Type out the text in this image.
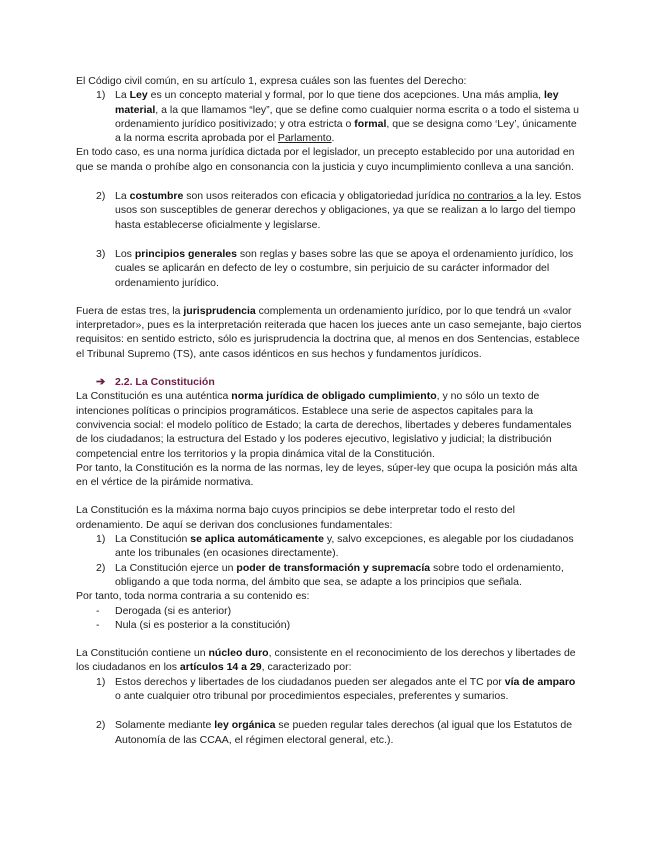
El Código civil común, en su artículo 1, expresa cuáles son las fuentes del Derecho:

1) La Ley es un concepto material y formal, por lo que tiene dos acepciones. Una más amplia, ley material, a la que llamamos “ley”, que se define como cualquier norma escrita o a todo el sistema u ordenamiento jurídico positivizado; y otra estricta o formal, que se designa como ‘Ley’, únicamente a la norma escrita aprobada por el Parlamento.

En todo caso, es una norma jurídica dictada por el legislador, un precepto establecido por una autoridad en que se manda o prohíbe algo en consonancia con la justicia y cuyo incumplimiento conlleva a una sanción.

2) La costumbre son usos reiterados con eficacia y obligatoriedad jurídica no contrarios a la ley. Estos usos son susceptibles de generar derechos y obligaciones, ya que se realizan a lo largo del tiempo hasta establecerse oficialmente y legislarse.
3) Los principios generales son reglas y bases sobre las que se apoya el ordenamiento jurídico, los cuales se aplicarán en defecto de ley o costumbre, sin perjuicio de su carácter informador del ordenamiento jurídico.

Fuera de estas tres, la jurisprudencia complementa un ordenamiento jurídico, por lo que tendrá un «valor interpretador», pues es la interpretación reiterada que hacen los jueces ante un caso semejante, bajo ciertos requisitos: en sentido estricto, sólo es jurisprudencia la doctrina que, al menos en dos Sentencias, establece el Tribunal Supremo (TS), ante casos idénticos en sus hechos y fundamentos jurídicos.

➔ 2.2. La Constitución

La Constitución es una auténtica norma jurídica de obligado cumplimiento, y no sólo un texto de intenciones políticas o principios programáticos. Establece una serie de aspectos capitales para la convivencia social: el modelo político de Estado; la carta de derechos, libertades y deberes fundamentales de los ciudadanos; la estructura del Estado y los poderes ejecutivo, legislativo y judicial; la distribución competencial entre los territorios y la propia dinámica vital de la Constitución.

Por tanto, la Constitución es la norma de las normas, ley de leyes, súper-ley que ocupa la posición más alta en el vértice de la pirámide normativa.

La Constitución es la máxima norma bajo cuyos principios se debe interpretar todo el resto del ordenamiento. De aquí se derivan dos conclusiones fundamentales:

1) La Constitución se aplica automáticamente y, salvo excepciones, es alegable por los ciudadanos ante los tribunales (en ocasiones directamente).
2) La Constitución ejerce un poder de transformación y supremacía sobre todo el ordenamiento, obligando a que toda norma, del ámbito que sea, se adapte a los principios que señala.

Por tanto, toda norma contraria a su contenido es:

-	Derogada (si es anterior)
-	Nula (si es posterior a la constitución)

La Constitución contiene un núcleo duro, consistente en el reconocimiento de los derechos y libertades de los ciudadanos en los artículos 14 a 29, caracterizado por:

1) Estos derechos y libertades de los ciudadanos pueden ser alegados ante el TC por vía de amparo o ante cualquier otro tribunal por procedimientos especiales, preferentes y sumarios.
2) Solamente mediante ley orgánica se pueden regular tales derechos (al igual que los Estatutos de Autonomía de las CCAA, el régimen electoral general, etc.).
